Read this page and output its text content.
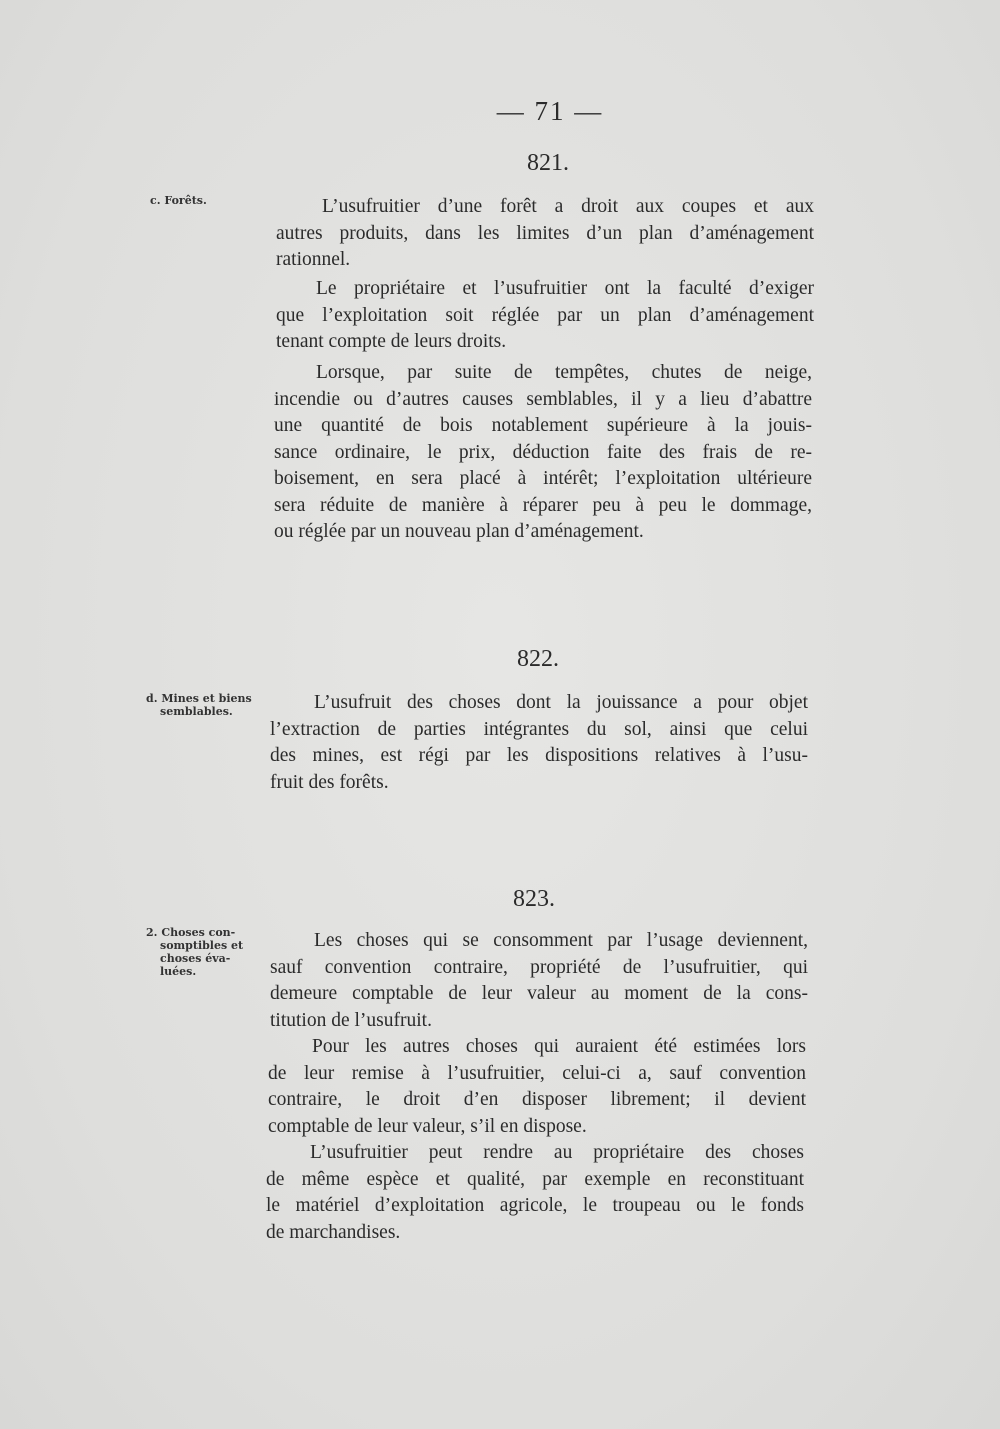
— 71 —
821.
c. Forêts.	L’usufruitier d’une forêt a droit aux coupes et aux
autres produits, dans les limites d’un plan d’aménagement
rationnel.
Le propriétaire et l’usufruitier ont la faculté d’exiger
que l’exploitation soit réglée par un plan d’aménagement
tenant compte de leurs droits.
Lorsque, par suite de tempêtes, chutes de neige,
incendie ou d’autres causes semblables, il y a lieu d’abattre
une quantité de bois notablement supérieure à la jouis-
sance ordinaire, le prix, déduction faite des frais de re-
boisement, en sera placé à intérêt; l’exploitation ultérieure
sera réduite de manière à réparer peu à peu le dommage,
ou réglée par un nouveau plan d’aménagement.
822.
d. Mines et biens
semblables.	L’usufruit des choses dont la jouissance a pour objet
l’extraction de parties intégrantes du sol, ainsi que celui
des mines, est régi par les dispositions relatives à l’usu-
fruit des forêts.
823.
2. Choses con-
somptibles et
choses éva-
luées.
Les choses qui se consomment par l’usage deviennent,
sauf convention contraire, propriété de l’usufruitier, qui
demeure comptable de leur valeur au moment de la cons-
titution de l’usufruit.
Pour les autres choses qui auraient été estimées lors
de leur remise à l’usufruitier, celui-ci a, sauf convention
contraire, le droit d’en disposer librement; il devient
comptable de leur valeur, s’il en dispose.
L’usufruitier peut rendre au propriétaire des choses
de même espèce et qualité, par exemple en reconstituant
le matériel d’exploitation agricole, le troupeau ou le fonds
de marchandises.
